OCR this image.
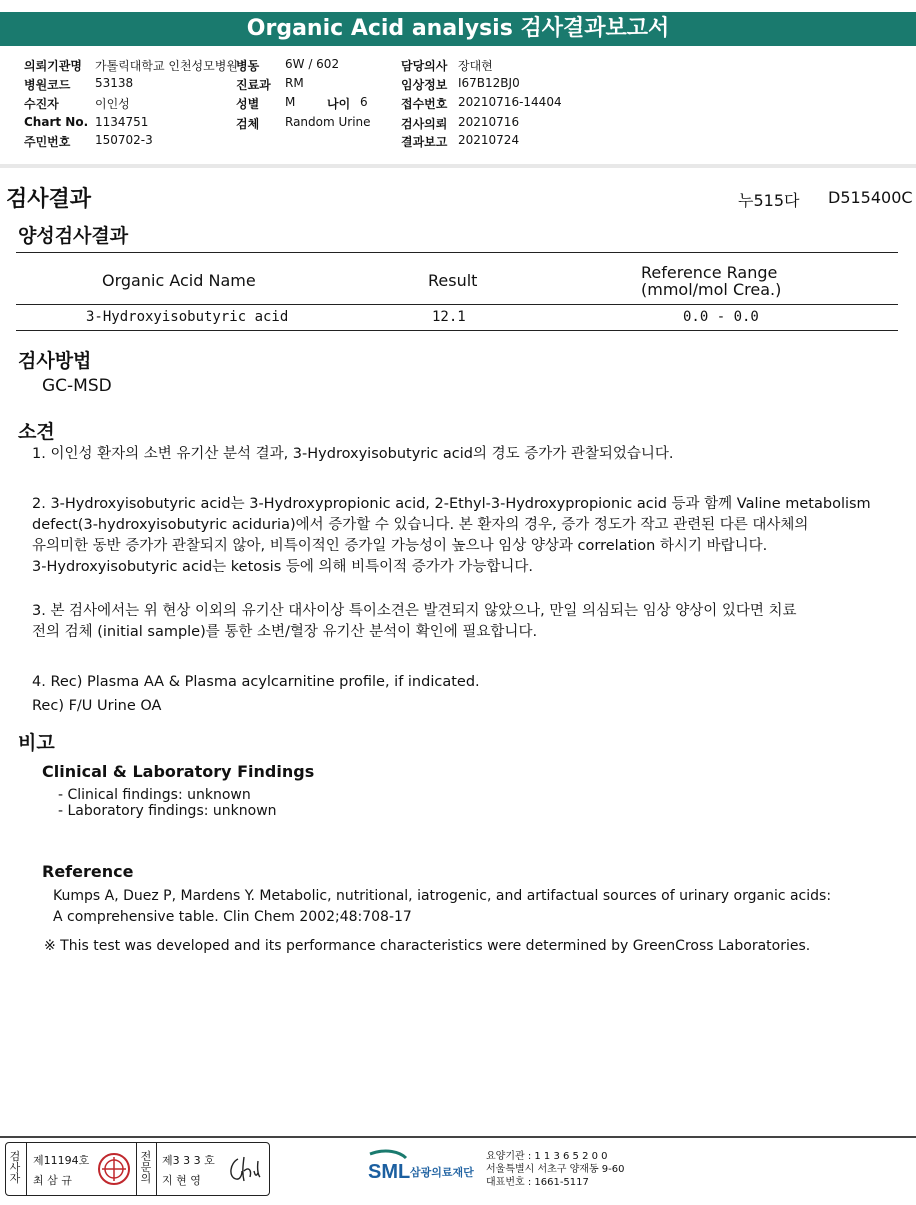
Organic Acid analysis 검사결과보고서
의뢰기관명 가톨릭대학교 인천성모병원
병원코드 53138
수진자	이인성
Chart No. 1134751
주민번호 150702-3
병동 6W / 602
진료과 RM
성별 M	나이 6
검체 Random Urine
담당의사 장대현
임상정보 I67B12BJ0
접수번호 20210716-14404
검사의뢰 20210716
결과보고 20210724
검사결과	누515다 D515400C
양성검사결과
Organic Acid Name	Result	Reference Range
(mmol/mol Crea.)
3-Hydroxyisobutyric acid	12.1	0.0 - 0.0
검사방법
GC-MSD
소견
1. 이인성 환자의 소변 유기산 분석 결과, 3-Hydroxyisobutyric acid의 경도 증가가 관찰되었습니다.
2. 3-Hydroxyisobutyric acid는 3-Hydroxypropionic acid, 2-Ethyl-3-Hydroxypropionic acid 등과 함께 Valine metabolism
defect(3-hydroxyisobutyric aciduria)에서 증가할 수 있습니다. 본 환자의 경우, 증가 정도가 작고 관련된 다른 대사체의
유의미한 동반 증가가 관찰되지 않아, 비특이적인 증가일 가능성이 높으나 임상 양상과 correlation 하시기 바랍니다.
3-Hydroxyisobutyric acid는 ketosis 등에 의해 비특이적 증가가 가능합니다.
3. 본 검사에서는 위 현상 이외의 유기산 대사이상 특이소견은 발견되지 않았으나, 만일 의심되는 임상 양상이 있다면 치료
전의 검체 (initial sample)를 통한 소변/혈장 유기산 분석이 확인에 필요합니다.
4. Rec) Plasma AA & Plasma acylcarnitine profile, if indicated.
Rec) F/U Urine OA
비고
Clinical & Laboratory Findings
- Clinical findings: unknown
- Laboratory findings: unknown
Reference
Kumps A, Duez P, Mardens Y. Metabolic, nutritional, iatrogenic, and artifactual sources of urinary organic acids:
A comprehensive table. Clin Chem 2002;48:708-17
※ This test was developed and its performance characteristics were determined by GreenCross Laboratories.
검
사
자
제11194호
최 삼 규
전
문
의
제3 3 3 호
지 현 영	SML 삼광의료재단
요양기관 : 1 1 3 6 5 2 0 0
서울특별시 서초구 양재동 9-60
대표번호 : 1661-5117
